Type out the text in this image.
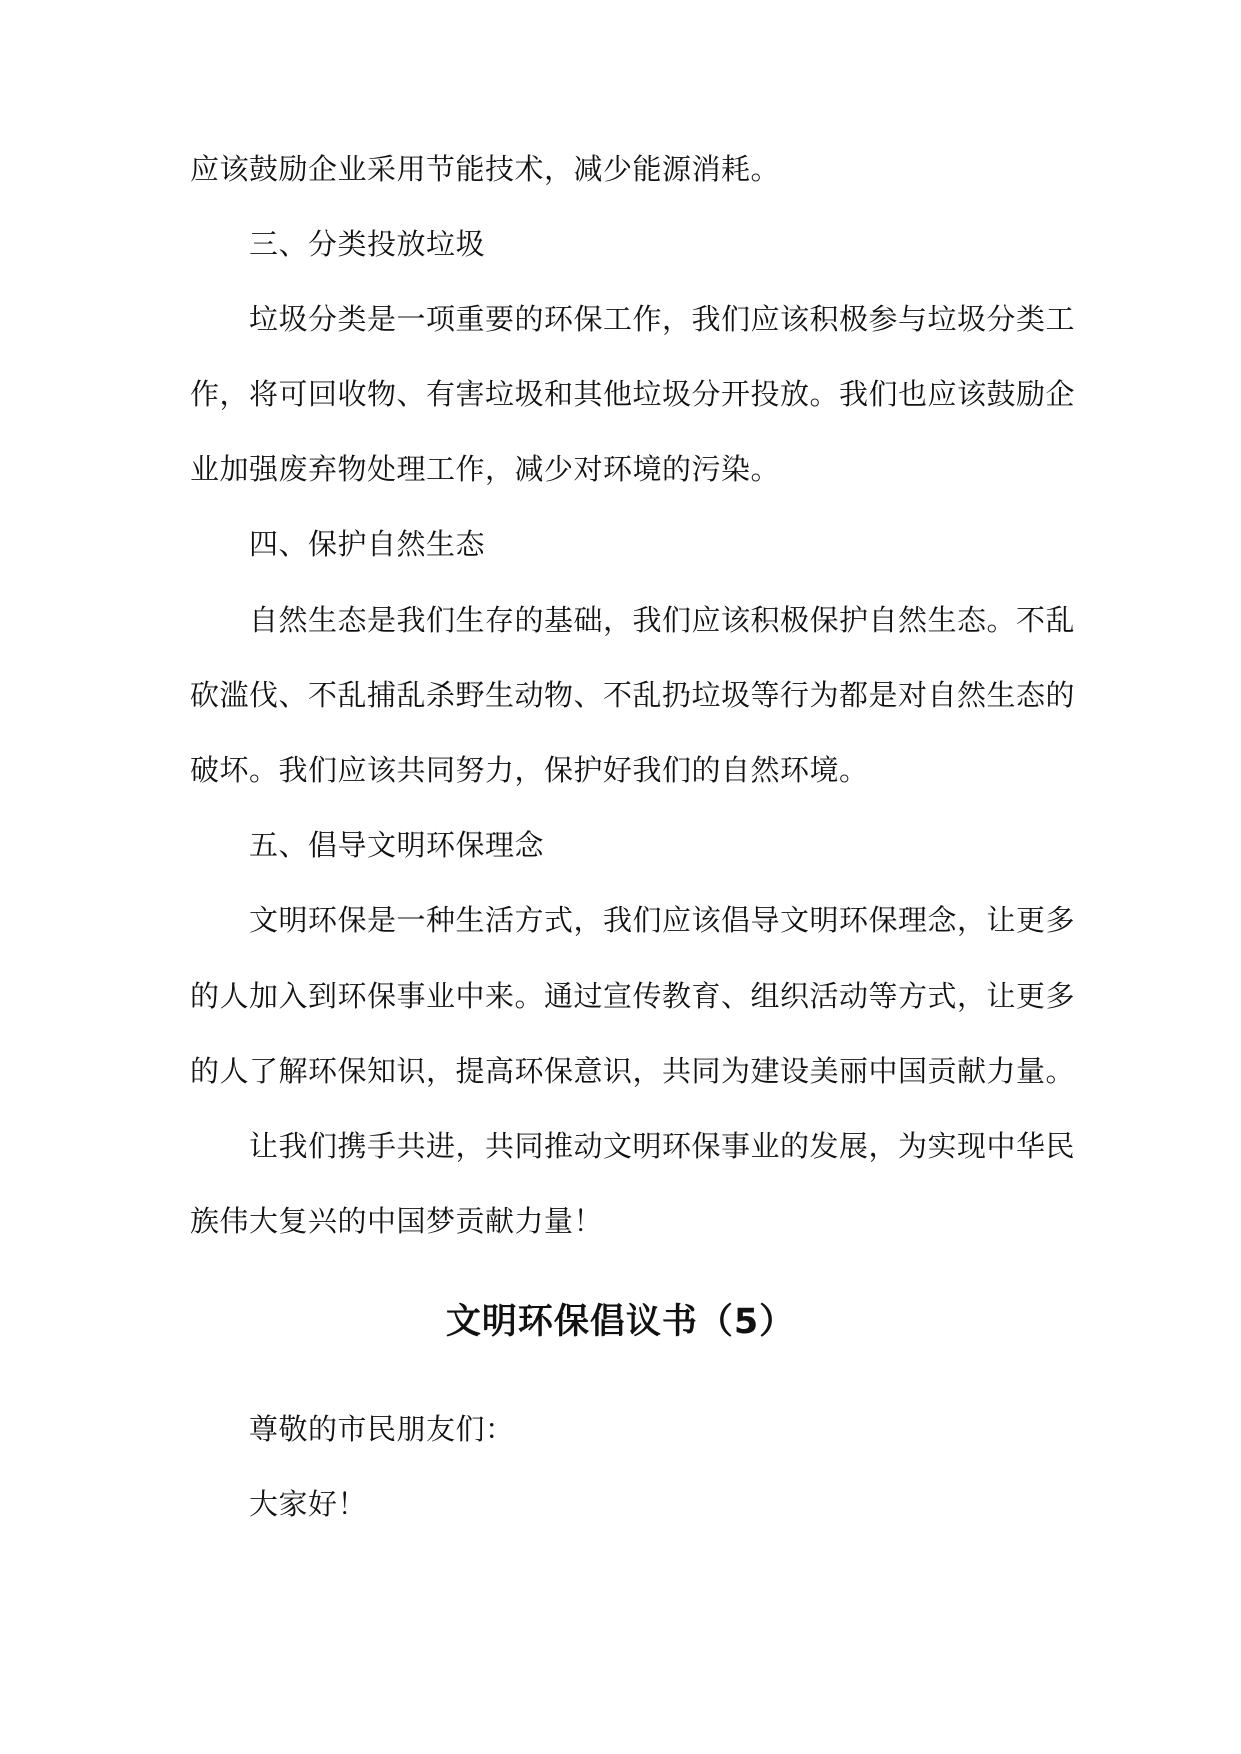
应该鼓励企业采用节能技术，减少能源消耗。
三、分类投放垃圾
垃圾分类是一项重要的环保工作，我们应该积极参与垃圾分类工
作，将可回收物、有害垃圾和其他垃圾分开投放。我们也应该鼓励企
业加强废弃物处理工作，减少对环境的污染。
四、保护自然生态
自然生态是我们生存的基础，我们应该积极保护自然生态。不乱
砍滥伐、不乱捕乱杀野生动物、不乱扔垃圾等行为都是对自然生态的
破坏。我们应该共同努力，保护好我们的自然环境。
五、倡导文明环保理念
文明环保是一种生活方式，我们应该倡导文明环保理念，让更多
的人加入到环保事业中来。通过宣传教育、组织活动等方式，让更多
的人了解环保知识，提高环保意识，共同为建设美丽中国贡献力量。
让我们携手共进，共同推动文明环保事业的发展，为实现中华民
族伟大复兴的中国梦贡献力量！
文明环保倡议书（5）
尊敬的市民朋友们：
大家好！
